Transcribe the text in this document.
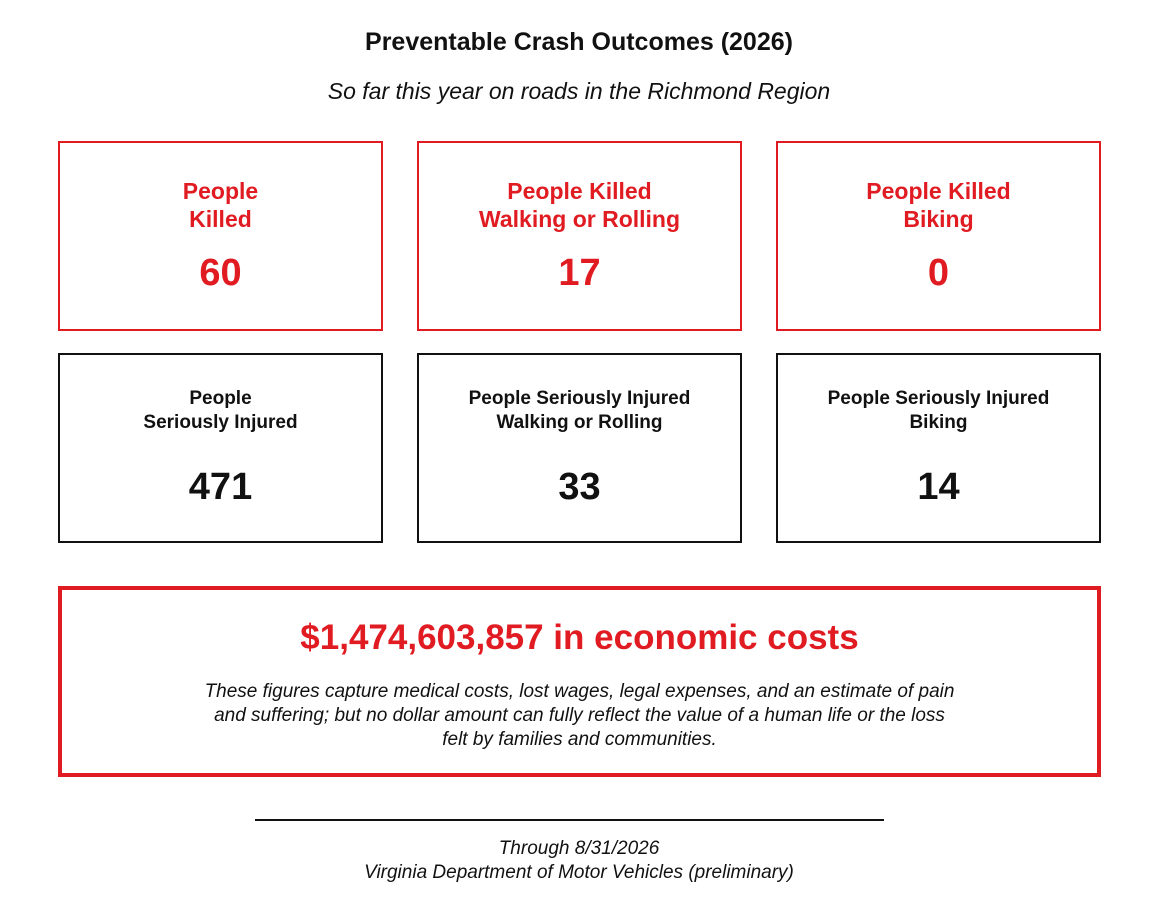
Preventable Crash Outcomes (2026)
So far this year on roads in the Richmond Region
People
Killed
60
People Killed
Walking or Rolling
17
People Killed
Biking
0
People
Seriously Injured
471
People Seriously Injured
Walking or Rolling
33
People Seriously Injured
Biking
14
$1,474,603,857 in economic costs
These figures capture medical costs, lost wages, legal expenses, and an estimate of pain and suffering; but no dollar amount can fully reflect the value of a human life or the loss felt by families and communities.
Through 8/31/2026
Virginia Department of Motor Vehicles (preliminary)
